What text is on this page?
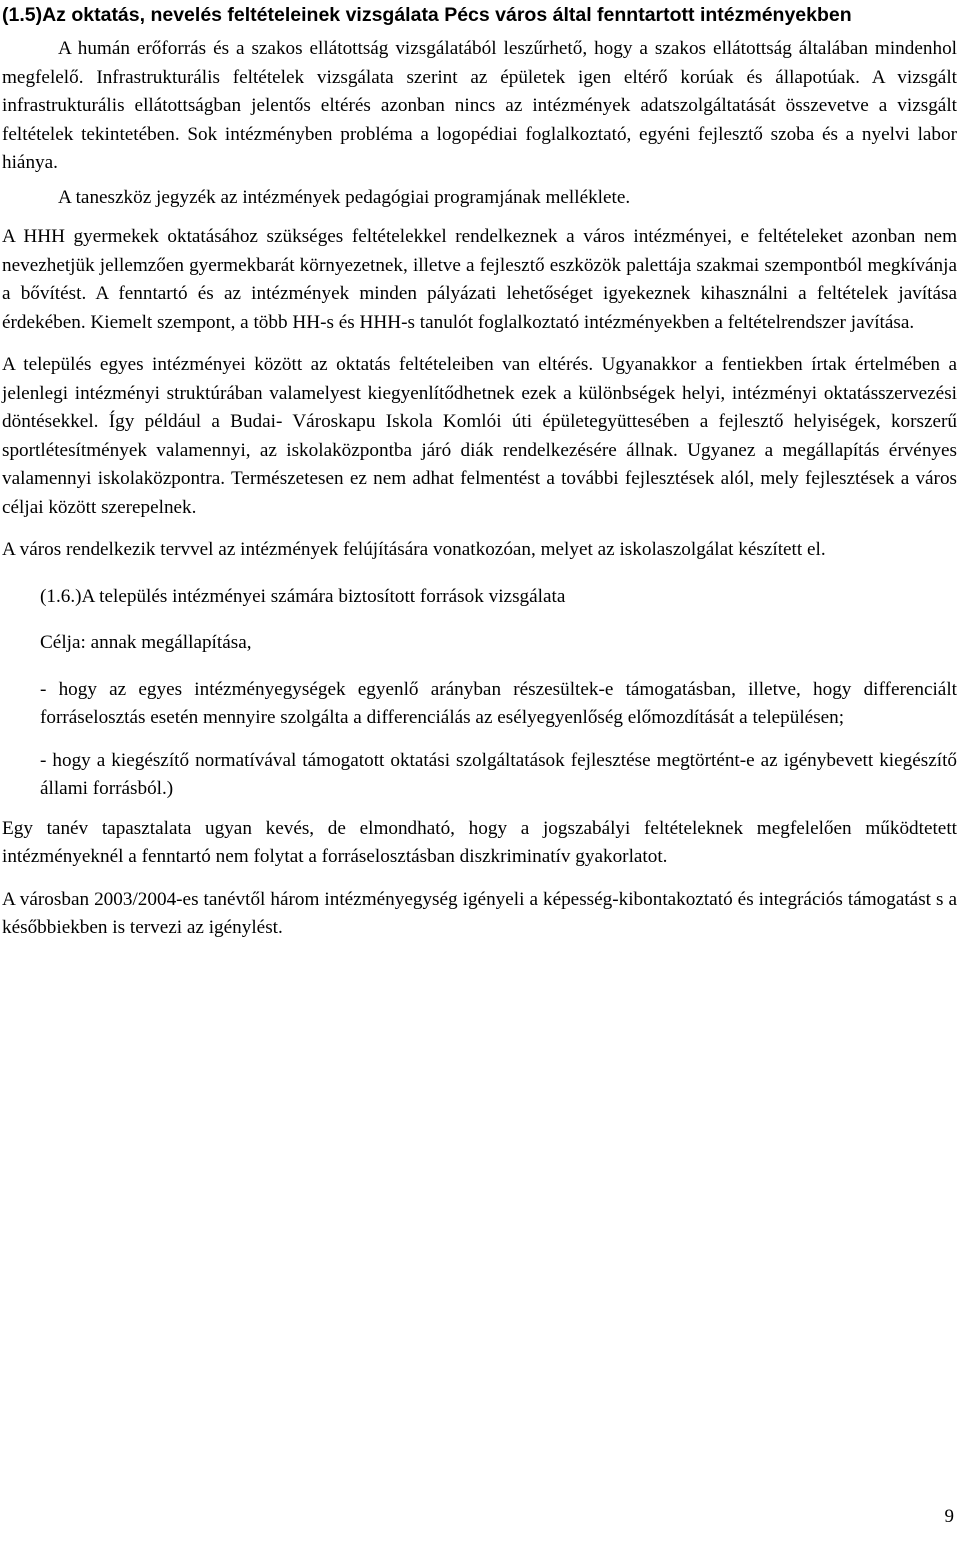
(1.5)Az oktatás, nevelés feltételeinek vizsgálata Pécs város által fenntartott intézményekben

A humán erőforrás és a szakos ellátottság vizsgálatából leszűrhető, hogy a szakos ellátottság általában mindenhol megfelelő. Infrastrukturális feltételek vizsgálata szerint az épületek igen eltérő korúak és állapotúak. A vizsgált infrastrukturális ellátottságban jelentős eltérés azonban nincs az intézmények adatszolgáltatását összevetve a vizsgált feltételek tekintetében. Sok intézményben probléma a logopédiai foglalkoztató, egyéni fejlesztő szoba és a nyelvi labor hiánya.

A taneszköz jegyzék az intézmények pedagógiai programjának melléklete.

A HHH gyermekek oktatásához szükséges feltételekkel rendelkeznek a város intézményei, e feltételeket azonban nem nevezhetjük jellemzően gyermekbarát környezetnek, illetve a fejlesztő eszközök palettája szakmai szempontból megkívánja a bővítést. A fenntartó és az intézmények minden pályázati lehetőséget igyekeznek kihasználni a feltételek javítása érdekében. Kiemelt szempont, a több HH-s és HHH-s tanulót foglalkoztató intézményekben a feltételrendszer javítása.

A település egyes intézményei között az oktatás feltételeiben van eltérés. Ugyanakkor a fentiekben írtak értelmében a jelenlegi intézményi struktúrában valamelyest kiegyenlítődhetnek ezek a különbségek helyi, intézményi oktatásszervezési döntésekkel. Így például a Budai- Városkapu Iskola Komlói úti épületegyüttesében a fejlesztő helyiségek, korszerű sportlétesítmények valamennyi, az iskolaközpontba járó diák rendelkezésére állnak. Ugyanez a megállapítás érvényes valamennyi iskolaközpontra. Természetesen ez nem adhat felmentést a további fejlesztések alól, mely fejlesztések a város céljai között szerepelnek.

A város rendelkezik tervvel az intézmények felújítására vonatkozóan, melyet az iskolaszolgálat készített el.

(1.6.)A település intézményei számára biztosított források vizsgálata

Célja: annak megállapítása,

- hogy az egyes intézményegységek egyenlő arányban részesültek-e támogatásban, illetve, hogy differenciált forráselosztás esetén mennyire szolgálta a differenciálás az esélyegyenlőség előmozdítását a településen;

- hogy a kiegészítő normatívával támogatott oktatási szolgáltatások fejlesztése megtörtént-e az igénybevett kiegészítő állami forrásból.)

Egy tanév tapasztalata ugyan kevés, de elmondható, hogy a jogszabályi feltételeknek megfelelően működtetett intézményeknél a fenntartó nem folytat a forráselosztásban diszkriminatív gyakorlatot.

A városban 2003/2004-es tanévtől három intézményegység igényeli a képesség-kibontakoztató és integrációs támogatást s a későbbiekben is tervezi az igénylést.

9
